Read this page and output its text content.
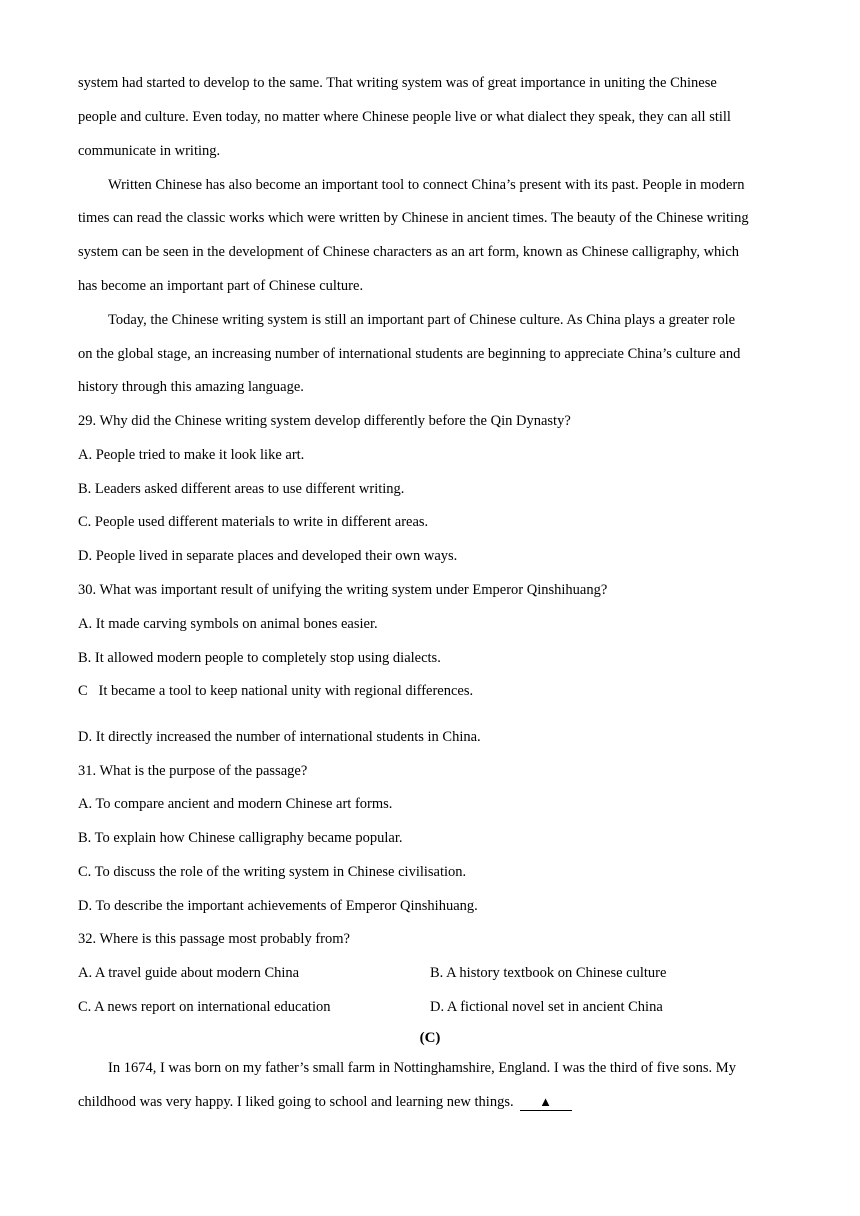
system had started to develop to the same. That writing system was of great importance in uniting the Chinese
people and culture. Even today, no matter where Chinese people live or what dialect they speak, they can all still
communicate in writing.
Written Chinese has also become an important tool to connect China’s present with its past. People in modern
times can read the classic works which were written by Chinese in ancient times. The beauty of the Chinese writing
system can be seen in the development of Chinese characters as an art form, known as Chinese calligraphy, which
has become an important part of Chinese culture.
Today, the Chinese writing system is still an important part of Chinese culture. As China plays a greater role
on the global stage, an increasing number of international students are beginning to appreciate China’s culture and
history through this amazing language.
29. Why did the Chinese writing system develop differently before the Qin Dynasty?
A. People tried to make it look like art.
B. Leaders asked different areas to use different writing.
C. People used different materials to write in different areas.
D. People lived in separate places and developed their own ways.
30. What was important result of unifying the writing system under Emperor Qinshihuang?
A. It made carving symbols on animal bones easier.
B. It allowed modern people to completely stop using dialects.
C   It became a tool to keep national unity with regional differences.
D. It directly increased the number of international students in China.
31. What is the purpose of the passage?
A. To compare ancient and modern Chinese art forms.
B. To explain how Chinese calligraphy became popular.
C. To discuss the role of the writing system in Chinese civilisation.
D. To describe the important achievements of Emperor Qinshihuang.
32. Where is this passage most probably from?
A. A travel guide about modern China	B. A history textbook on Chinese culture
C. A news report on international education	D. A fictional novel set in ancient China
(C)
In 1674, I was born on my father’s small farm in Nottinghamshire, England. I was the third of five sons. My
childhood was very happy. I liked going to school and learning new things. ▲
